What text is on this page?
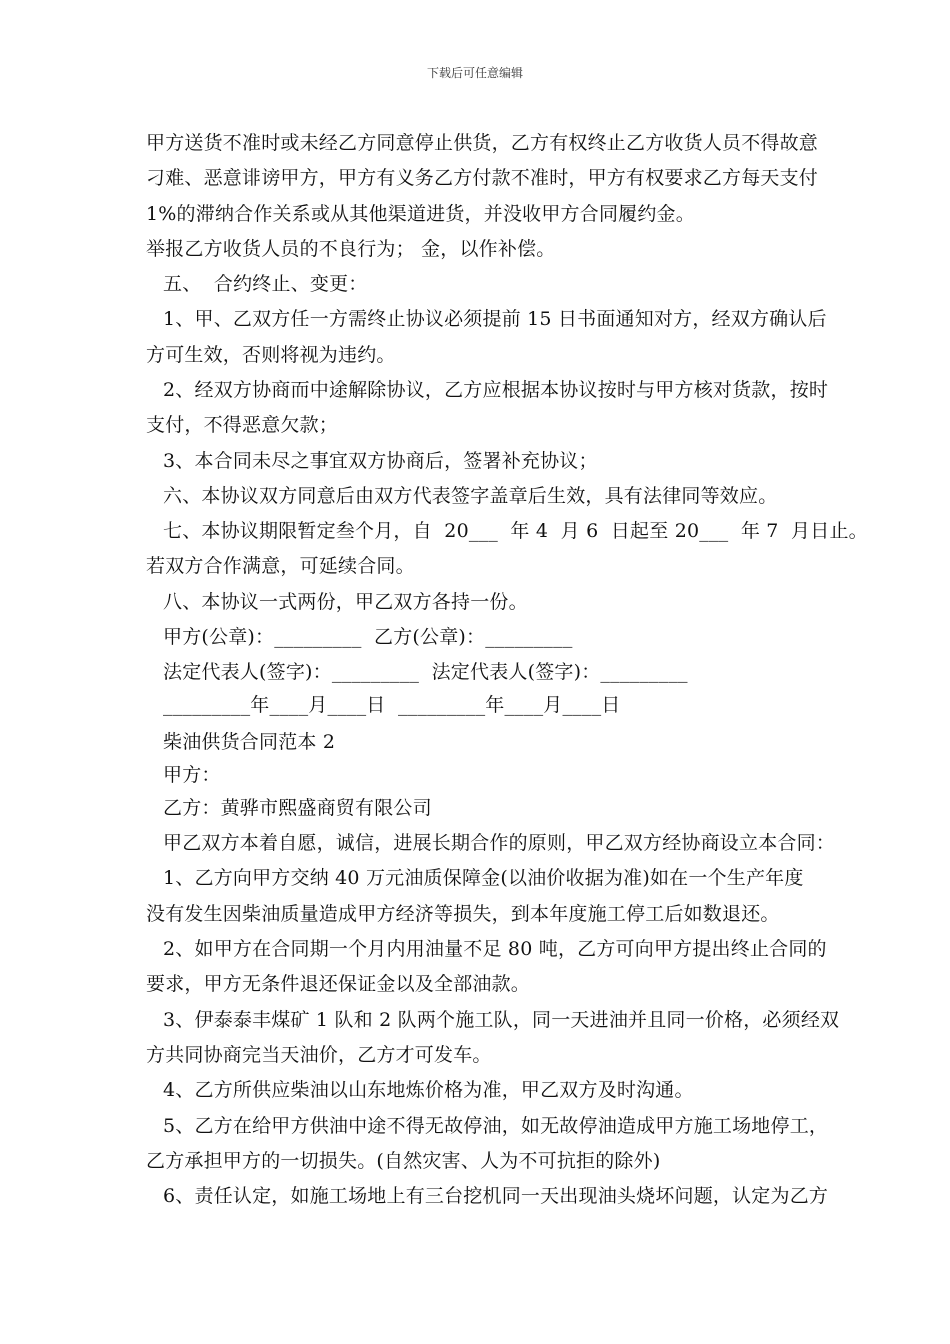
下载后可任意编辑
甲方送货不准时或未经乙方同意停止供货，乙方有权终止乙方收货人员不得故意
刁难、恶意诽谤甲方，甲方有义务乙方付款不准时，甲方有权要求乙方每天支付
1%的滞纳合作关系或从其他渠道进货，并没收甲方合同履约金。
举报乙方收货人员的不良行为； 金，以作补偿。
五、  合约终止、变更：
1、甲、乙双方任一方需终止协议必须提前 15 日书面通知对方，经双方确认后
方可生效，否则将视为违约。
2、经双方协商而中途解除协议，乙方应根据本协议按时与甲方核对货款，按时
支付，不得恶意欠款；
3、本合同未尽之事宜双方协商后，签署补充协议；
六、本协议双方同意后由双方代表签字盖章后生效，具有法律同等效应。
七、本协议期限暂定叁个月，自  20___  年 4  月 6  日起至 20___  年 7  月日止。
若双方合作满意，可延续合同。
八、本协议一式两份，甲乙双方各持一份。
甲方(公章)：_________  乙方(公章)：_________
法定代表人(签字)：_________  法定代表人(签字)：_________
_________年____月____日  _________年____月____日
柴油供货合同范本 2
甲方：
乙方：黄骅市熙盛商贸有限公司
甲乙双方本着自愿，诚信，进展长期合作的原则，甲乙双方经协商设立本合同：
1、乙方向甲方交纳 40 万元油质保障金(以油价收据为准)如在一个生产年度
没有发生因柴油质量造成甲方经济等损失，到本年度施工停工后如数退还。
2、如甲方在合同期一个月内用油量不足 80 吨，乙方可向甲方提出终止合同的
要求，甲方无条件退还保证金以及全部油款。
3、伊泰泰丰煤矿 1 队和 2 队两个施工队，同一天进油并且同一价格，必须经双
方共同协商完当天油价，乙方才可发车。
4、乙方所供应柴油以山东地炼价格为准，甲乙双方及时沟通。
5、乙方在给甲方供油中途不得无故停油，如无故停油造成甲方施工场地停工，
乙方承担甲方的一切损失。(自然灾害、人为不可抗拒的除外)
6、责任认定，如施工场地上有三台挖机同一天出现油头烧坏问题，认定为乙方
